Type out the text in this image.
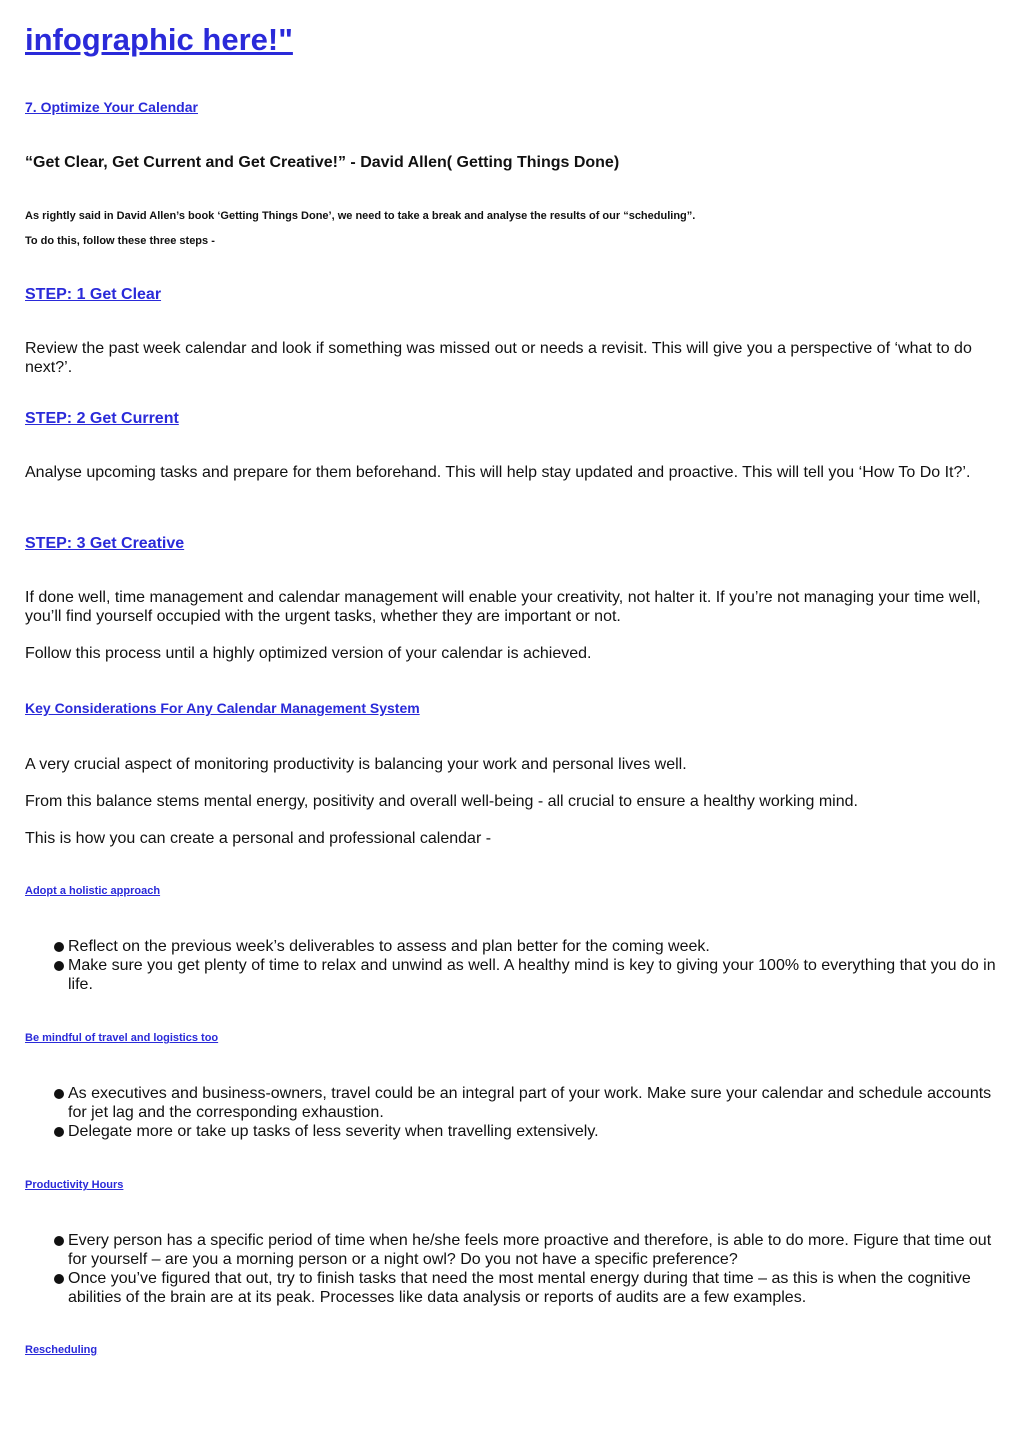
infographic here!"
7. Optimize Your Calendar

“Get Clear, Get Current and Get Creative!” - David Allen( Getting Things Done)

As rightly said in David Allen’s book ‘Getting Things Done’, we need to take a break and analyse the results of our “scheduling”.

To do this, follow these three steps -

STEP: 1 Get Clear

Review the past week calendar and look if something was missed out or needs a revisit. This will give you a perspective of ‘what to do next?’.

STEP: 2 Get Current

Analyse upcoming tasks and prepare for them beforehand. This will help stay updated and proactive. This will tell you ‘How To Do It?’.

STEP: 3 Get Creative

If done well, time management and calendar management will enable your creativity, not halter it. If you’re not managing your time well, you’ll find yourself occupied with the urgent tasks, whether they are important or not.

Follow this process until a highly optimized version of your calendar is achieved.

Key Considerations For Any Calendar Management System

A very crucial aspect of monitoring productivity is balancing your work and personal lives well.

From this balance stems mental energy, positivity and overall well-being - all crucial to ensure a healthy working mind.

This is how you can create a personal and professional calendar -

Adopt a holistic approach
Reflect on the previous week’s deliverables to assess and plan better for the coming week.
Make sure you get plenty of time to relax and unwind as well. A healthy mind is key to giving your 100% to everything that you do in life.
Be mindful of travel and logistics too
As executives and business-owners, travel could be an integral part of your work. Make sure your calendar and schedule accounts for jet lag and the corresponding exhaustion.
Delegate more or take up tasks of less severity when travelling extensively.
Productivity Hours
Every person has a specific period of time when he/she feels more proactive and therefore, is able to do more. Figure that time out for yourself – are you a morning person or a night owl? Do you not have a specific preference?
Once you’ve figured that out, try to finish tasks that need the most mental energy during that time – as this is when the cognitive abilities of the brain are at its peak. Processes like data analysis or reports of audits are a few examples.
Rescheduling
